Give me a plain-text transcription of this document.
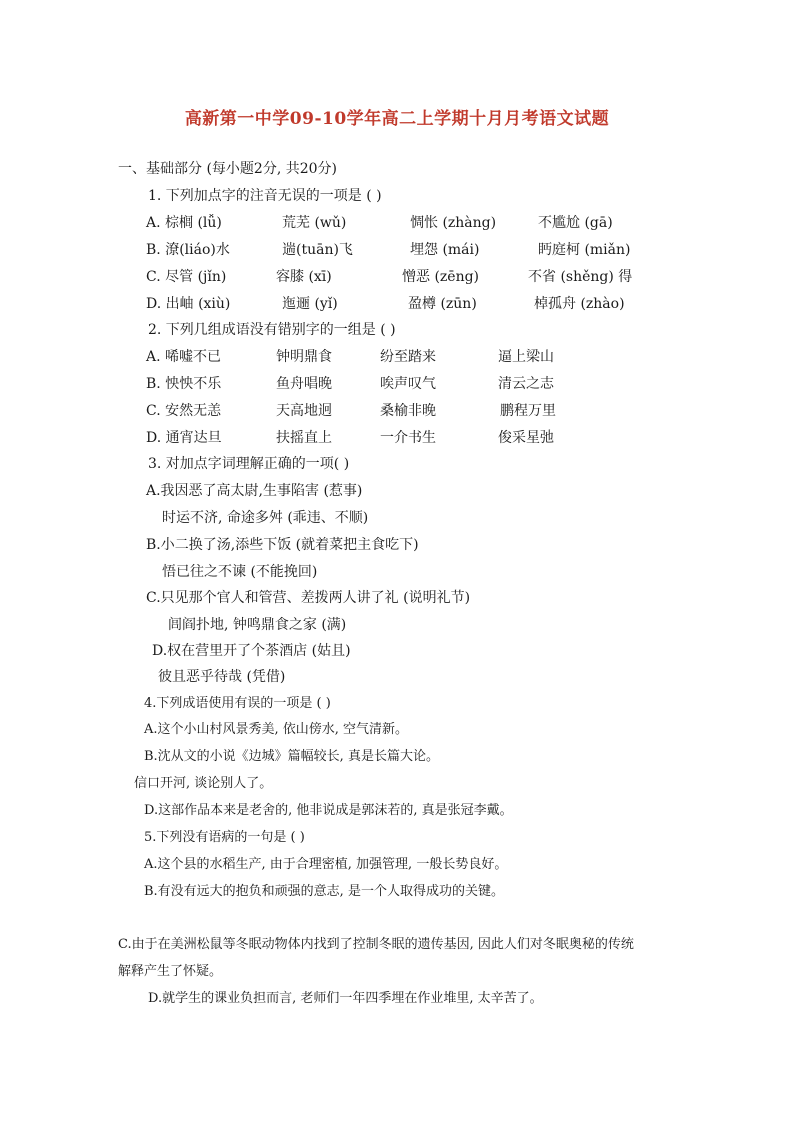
高新第一中学09-10学年高二上学期十月月考语文试题
一、基础部分 (每小题2分, 共20分)
1. 下列加点字的注音无误的一项是 ( )
A. 棕榈 (lǚ)	荒芜 (wǔ)	惆怅 (zhàng)	不尴尬 (gā)
B. 潦(liáo)水	遄(tuān)飞	埋怨 (mái)	眄庭柯 (miǎn)
C. 尽管 (jǐn)	容膝 (xī)	憎恶 (zēng)	不省 (shěng) 得
D. 出岫 (xiù)	迤逦 (yǐ)	盈樽 (zūn)	棹孤舟 (zhào)
2. 下列几组成语没有错别字的一组是 ( )
A. 唏嘘不已	钟明鼎食	纷至踏来	逼上梁山
B. 怏怏不乐	鱼舟唱晚	唉声叹气	清云之志
C. 安然无恙	天高地迥	桑榆非晚	鹏程万里
D. 通宵达旦	扶摇直上	一介书生	俊采星弛
3. 对加点字词理解正确的一项( )
A.我因恶了高太尉,生事陷害 (惹事)
时运不济, 命途多舛 (乖违、不顺)
B.小二换了汤,添些下饭 (就着菜把主食吃下)
悟已往之不谏 (不能挽回)
C.只见那个官人和管营、差拨两人讲了礼 (说明礼节)
闾阎扑地, 钟鸣鼎食之家 (满)
D.权在营里开了个茶酒店 (姑且)
彼且恶乎待哉 (凭借)
4.下列成语使用有误的一项是 ( )
A.这个小山村风景秀美, 依山傍水, 空气清新。
B.沈从文的小说《边城》篇幅较长, 真是长篇大论。
信口开河, 谈论别人了。
D.这部作品本来是老舍的, 他非说成是郭沫若的, 真是张冠李戴。
5.下列没有语病的一句是 ( )
A.这个县的水稻生产, 由于合理密植, 加强管理, 一般长势良好。
B.有没有远大的抱负和顽强的意志, 是一个人取得成功的关键。
C.由于在美洲松鼠等冬眠动物体内找到了控制冬眠的遗传基因, 因此人们对冬眠奥秘的传统
解释产生了怀疑。
D.就学生的课业负担而言, 老师们一年四季埋在作业堆里, 太辛苦了。
